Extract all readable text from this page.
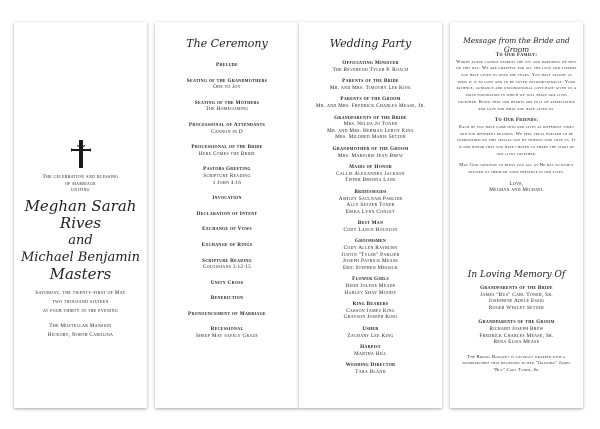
The celebration and blessing
of marriage
uniting
Meghan Sarah
Rives
and
Michael Benjamin
Masters
Saturday, the twenty-first of May
two thousand sixteen
at four thirty in the evening
The Mostellar Mansion
Hickory, North Carolina
The Ceremony
Prelude
Seating of the Grandmothers
Ode to Joy
Seating of the Mothers
The Homecoming
Processional of Attendants
Cannon in D
Processional of the Bride
Here Comes the Bride
Pastors Greeting
Scripture Reading
1 John 4:16
Invocation
Declaration of Intent
Exchange of Vows
Exchange of Rings
Scripture Reading
Colossians 3:12-15
Unity Cross
Benediction
Pronouncement of Marriage
Recessional
Sheep May safely Graze
Wedding Party
Officiating Minister
The Reverend Tyler P. Roach
Parents of the Bride
Mr. and Mrs. Timothy Lee King
Parents of the Groom
Mr. and Mrs. Fredrick Charles Mease, Jr.
Grandparents of the Bride
Mrs. Nelda Jo Toner
Mr. and Mrs. Herman Leroy King
Mrs. Mildred Marie Setzer
Grandmother of the Groom
Mrs. Marjorie Jean Brew
Maids of Honor
Callie Alexandra Jackson
Tiffer Brenda Lane
Bridesmaids
Ashley Saulnam Parlier
Ally Setzer Toner
Erika Lynn Conley
Best Man
Cody Lance Houston
Groomsmen
Cody Allen Rayburn
Justin "Tyler" Parlier
Joseph Patrick Mease
Eric Stephen Messick
Flower Girls
Heidi Jolene Meade
Harley Shay Moody
Ring Bearers
Carson James King
Grayson Joseph King
Usher
Zachary Lee King
Harpist
Martha Hill
Wedding Director
Tara Bland
Message from the Bride and Groom
To Our Family:
Words alone cannot express the joy and happiness we feel on this day. We are grateful for all the love and support you have given us over the years. You have taught us what it is to love and to be loved unconditionally. Your patience, guidance and unconditional love have given us a solid foundation in which we will begin our lives together. Know that our hearts are full of appreciation and love for what you have given us.
To Our Friends:
Each of you have come into our lives at different times and for different reasons. We feel truly blessed to be surrounded on this special day by friends who love us. It is our honor that you have chosen to share the start of our lives together.
May God continue to bless you all as He has so richly blessed us through your presence in our lives.
Love,
Meghan and Michael
In Loving Memory Of
Grandparents of the Bride
James "Bus" Carl Toner, Sr.
Josephine Adele Essig
Roger Wesley Setzer
Grandparents of the Groom
Richard Joseph Brew
Fredrick Charles Mease, Sr.
Rena Elisa Mease
The Bridal Bouquet is lovingly wrapped with a handkerchief that belonged to her "Grandpa" James "Bus" Carl Toner, Sr.
